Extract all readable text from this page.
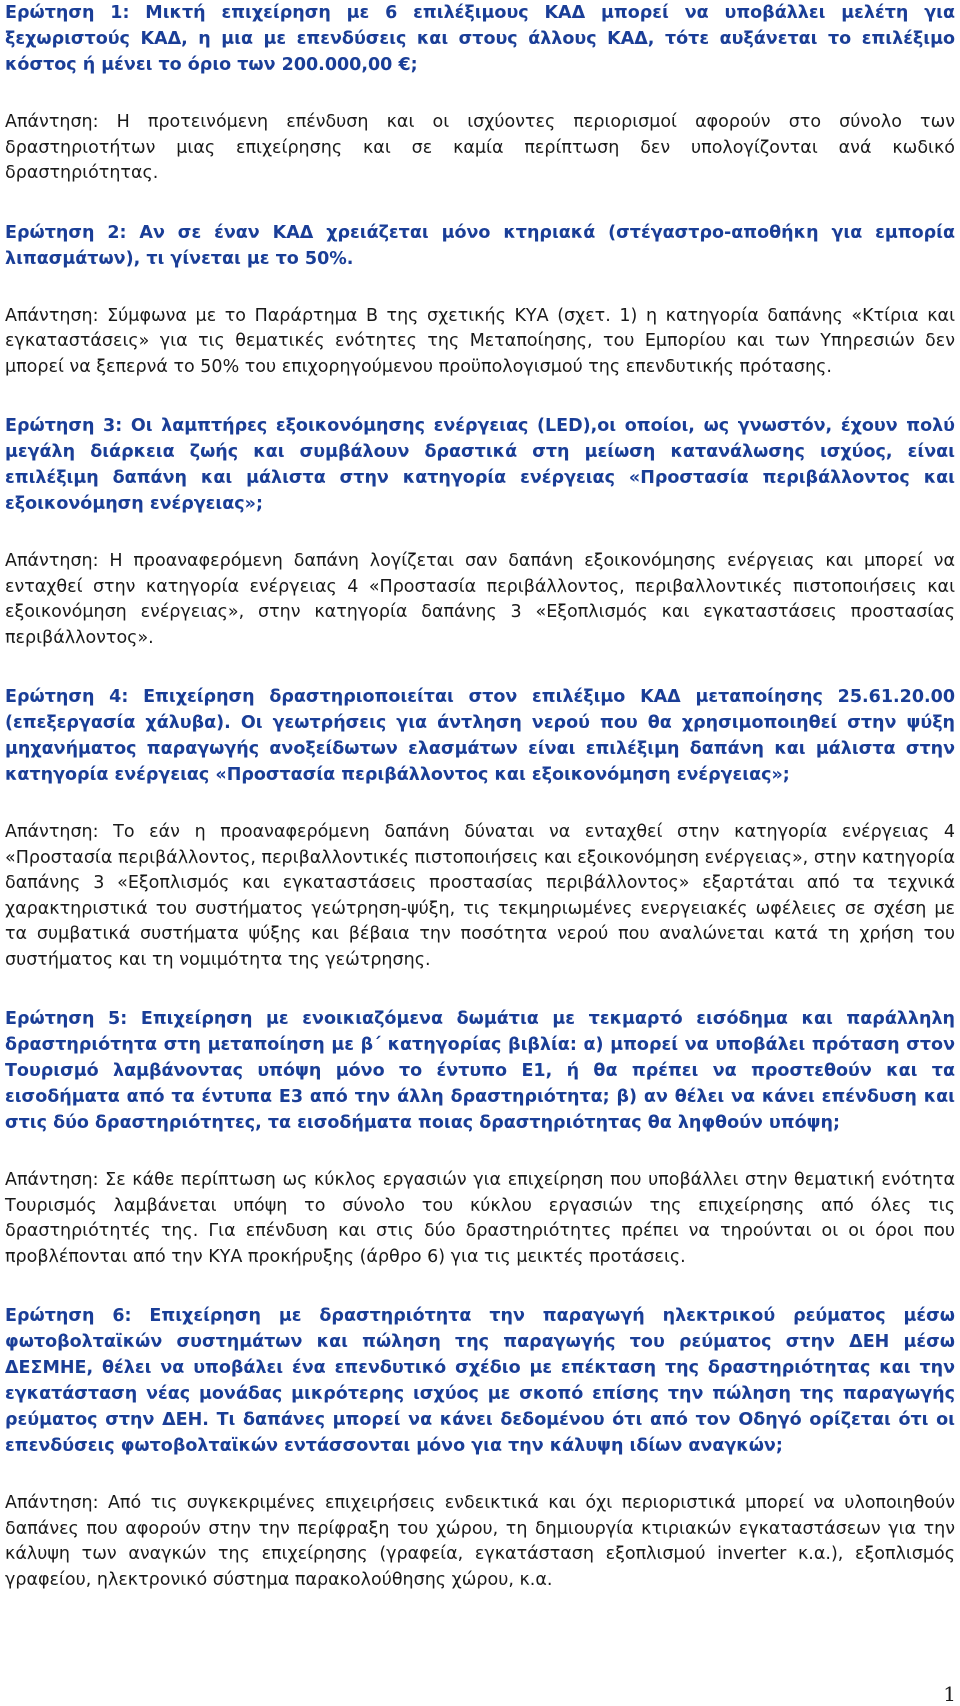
Ερώτηση 1: Μικτή επιχείρηση με 6 επιλέξιμους ΚΑΔ μπορεί να υποβάλλει μελέτη για ξεχωριστούς ΚΑΔ, η μια με επενδύσεις και στους άλλους ΚΑΔ, τότε αυξάνεται το επιλέξιμο κόστος ή μένει το όριο των 200.000,00 €;

Απάντηση: Η προτεινόμενη επένδυση και οι ισχύοντες περιορισμοί αφορούν στο σύνολο των δραστηριοτήτων μιας επιχείρησης και σε καμία περίπτωση δεν υπολογίζονται ανά κωδικό δραστηριότητας.

Ερώτηση 2: Αν σε έναν ΚΑΔ χρειάζεται μόνο κτηριακά (στέγαστρο-αποθήκη για εμπορία λιπασμάτων), τι γίνεται με το 50%.

Απάντηση: Σύμφωνα με το Παράρτημα Β της σχετικής ΚΥΑ (σχετ. 1) η κατηγορία δαπάνης «Κτίρια και εγκαταστάσεις» για τις θεματικές ενότητες της Μεταποίησης, του Εμπορίου και των Υπηρεσιών δεν μπορεί να ξεπερνά το 50% του επιχορηγούμενου προϋπολογισμού της επενδυτικής πρότασης.

Ερώτηση 3: Οι λαμπτήρες εξοικονόμησης ενέργειας (LED),οι οποίοι, ως γνωστόν, έχουν πολύ μεγάλη διάρκεια ζωής και συμβάλουν δραστικά στη μείωση κατανάλωσης ισχύος, είναι επιλέξιμη δαπάνη και μάλιστα στην κατηγορία ενέργειας «Προστασία περιβάλλοντος και εξοικονόμηση ενέργειας»;

Απάντηση: Η προαναφερόμενη δαπάνη λογίζεται σαν δαπάνη εξοικονόμησης ενέργειας και μπορεί να ενταχθεί στην κατηγορία ενέργειας 4 «Προστασία περιβάλλοντος, περιβαλλοντικές πιστοποιήσεις και εξοικονόμηση ενέργειας», στην κατηγορία δαπάνης 3 «Εξοπλισμός και εγκαταστάσεις προστασίας περιβάλλοντος».

Ερώτηση 4: Επιχείρηση δραστηριοποιείται στον επιλέξιμο ΚΑΔ μεταποίησης 25.61.20.00 (επεξεργασία χάλυβα). Οι γεωτρήσεις για άντληση νερού που θα χρησιμοποιηθεί στην ψύξη μηχανήματος παραγωγής ανοξείδωτων ελασμάτων είναι επιλέξιμη δαπάνη και μάλιστα στην κατηγορία ενέργειας «Προστασία περιβάλλοντος και εξοικονόμηση ενέργειας»;

Απάντηση: Το εάν η προαναφερόμενη δαπάνη δύναται να ενταχθεί στην κατηγορία ενέργειας 4 «Προστασία περιβάλλοντος, περιβαλλοντικές πιστοποιήσεις και εξοικονόμηση ενέργειας», στην κατηγορία δαπάνης 3 «Εξοπλισμός και εγκαταστάσεις προστασίας περιβάλλοντος» εξαρτάται από τα τεχνικά χαρακτηριστικά του συστήματος γεώτρηση-ψύξη, τις τεκμηριωμένες ενεργειακές ωφέλειες σε σχέση με τα συμβατικά συστήματα ψύξης και βέβαια την ποσότητα νερού που αναλώνεται κατά τη χρήση του συστήματος και τη νομιμότητα της γεώτρησης.

Ερώτηση 5: Επιχείρηση με ενοικιαζόμενα δωμάτια με τεκμαρτό εισόδημα και παράλληλη δραστηριότητα στη μεταποίηση με β΄ κατηγορίας βιβλία: α) μπορεί να υποβάλει πρόταση στον Τουρισμό λαμβάνοντας υπόψη μόνο το έντυπο Ε1, ή θα πρέπει να προστεθούν και τα εισοδήματα από τα έντυπα Ε3 από την άλλη δραστηριότητα; β) αν θέλει να κάνει επένδυση και στις δύο δραστηριότητες, τα εισοδήματα ποιας δραστηριότητας θα ληφθούν υπόψη;

Απάντηση: Σε κάθε περίπτωση ως κύκλος εργασιών για επιχείρηση που υποβάλλει στην θεματική ενότητα Τουρισμός λαμβάνεται υπόψη το σύνολο του κύκλου εργασιών της επιχείρησης από όλες τις δραστηριότητές της. Για επένδυση και στις δύο δραστηριότητες πρέπει να τηρούνται οι οι όροι που προβλέπονται από την ΚΥΑ προκήρυξης (άρθρο 6) για τις μεικτές προτάσεις.

Ερώτηση 6: Επιχείρηση με δραστηριότητα την παραγωγή ηλεκτρικού ρεύματος μέσω φωτοβολταϊκών συστημάτων και πώληση της παραγωγής του ρεύματος στην ΔΕΗ μέσω ΔΕΣΜΗΕ, θέλει να υποβάλει ένα επενδυτικό σχέδιο με επέκταση της δραστηριότητας και την εγκατάσταση νέας μονάδας μικρότερης ισχύος με σκοπό επίσης την πώληση της παραγωγής ρεύματος στην ΔΕΗ. Τι δαπάνες μπορεί να κάνει δεδομένου ότι από τον Οδηγό ορίζεται ότι οι επενδύσεις φωτοβολταϊκών εντάσσονται μόνο για την κάλυψη ιδίων αναγκών;

Απάντηση: Από τις συγκεκριμένες επιχειρήσεις ενδεικτικά και όχι περιοριστικά μπορεί να υλοποιηθούν δαπάνες που αφορούν στην την περίφραξη του χώρου, τη δημιουργία κτιριακών εγκαταστάσεων για την κάλυψη των αναγκών της επιχείρησης (γραφεία, εγκατάσταση εξοπλισμού inverter κ.α.), εξοπλισμός γραφείου, ηλεκτρονικό σύστημα παρακολούθησης χώρου, κ.α.

1
